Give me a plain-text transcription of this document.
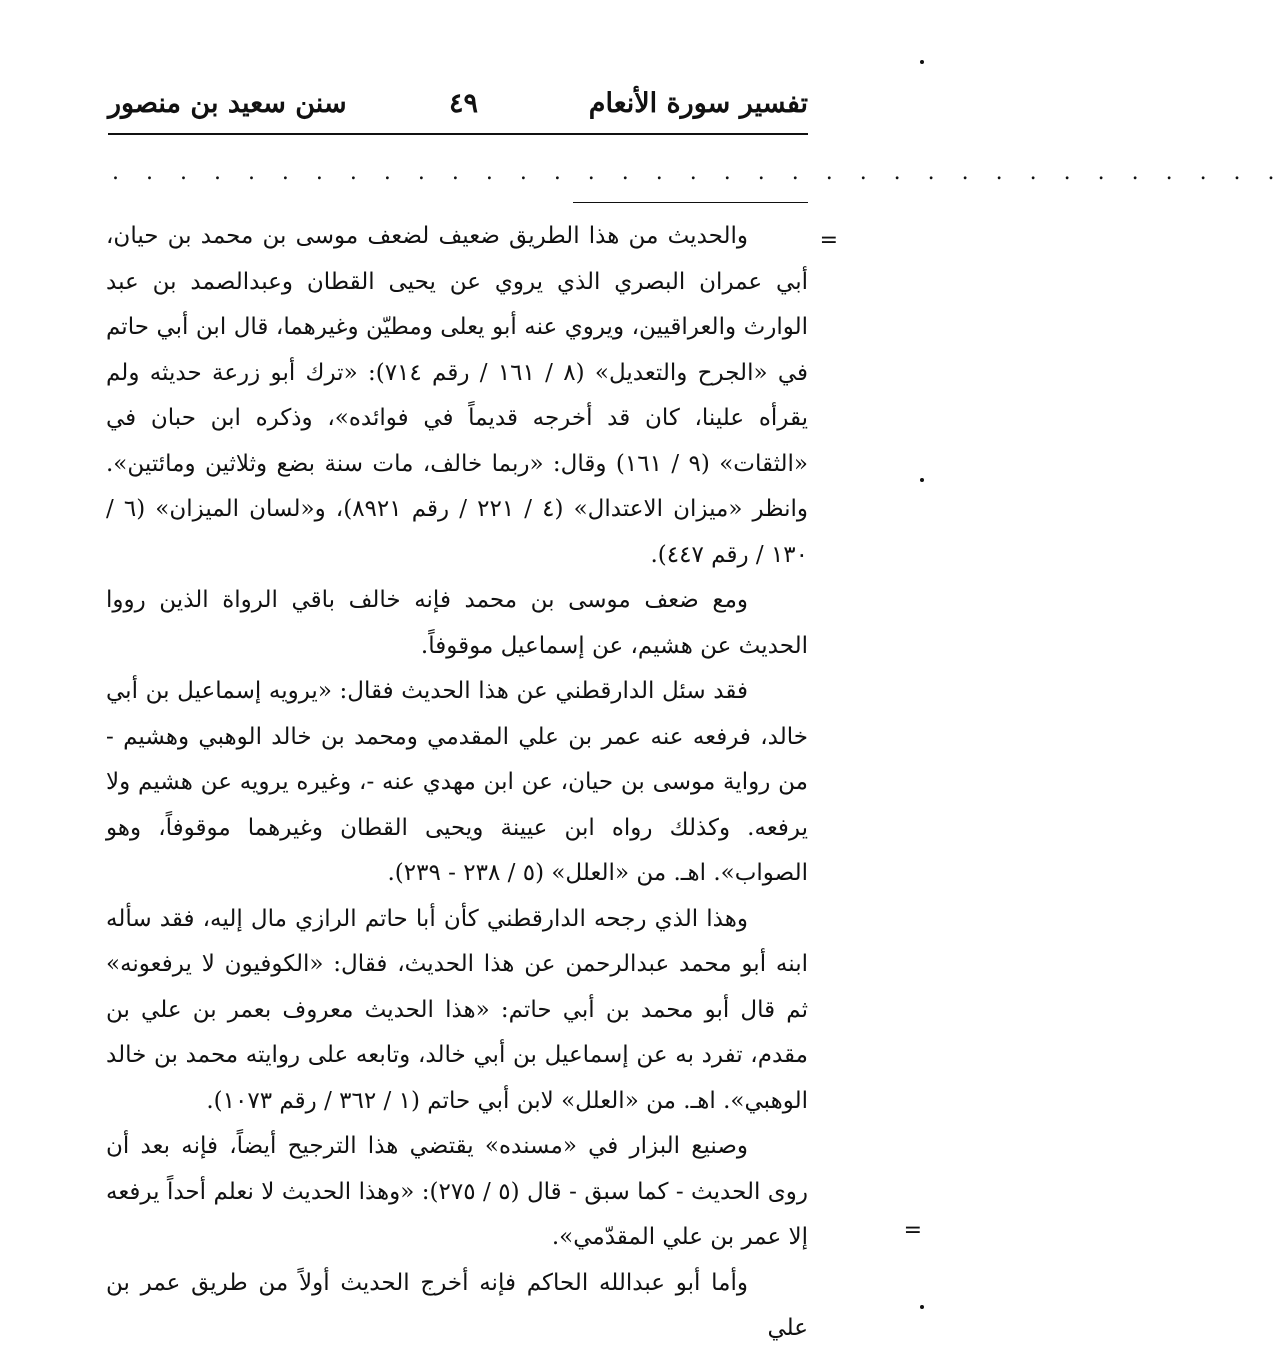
تفسير سورة الأنعام
٤٩
سنن سعيد بن منصور
. . . . . . . . . . . . . . . . . . . . . . . . . . . . . . . . . . .
=
=

والحديث من هذا الطريق ضعيف لضعف موسى بن محمد بن حيان، أبي عمران البصري الذي يروي عن يحيى القطان وعبدالصمد بن عبد الوارث والعراقيين، ويروي عنه أبو يعلى ومطيّن وغيرهما، قال ابن أبي حاتم في «الجرح والتعديل» (٨ / ١٦١ / رقم ٧١٤): «ترك أبو زرعة حديثه ولم يقرأه علينا، كان قد أخرجه قديماً في فوائده»، وذكره ابن حبان في «الثقات» (٩ / ١٦١) وقال: «ربما خالف، مات سنة بضع وثلاثين ومائتين». وانظر «ميزان الاعتدال» (٤ / ٢٢١ / رقم ٨٩٢١)، و«لسان الميزان» (٦ / ١٣٠ / رقم ٤٤٧).

ومع ضعف موسى بن محمد فإنه خالف باقي الرواة الذين رووا الحديث عن هشيم، عن إسماعيل موقوفاً.

فقد سئل الدارقطني عن هذا الحديث فقال: «يرويه إسماعيل بن أبي خالد، فرفعه عنه عمر بن علي المقدمي ومحمد بن خالد الوهبي وهشيم - من رواية موسى بن حيان، عن ابن مهدي عنه -، وغيره يرويه عن هشيم ولا يرفعه. وكذلك رواه ابن عيينة ويحيى القطان وغيرهما موقوفاً، وهو الصواب». اهـ. من «العلل» (٥ / ٢٣٨ - ٢٣٩).

وهذا الذي رجحه الدارقطني كأن أبا حاتم الرازي مال إليه، فقد سأله ابنه أبو محمد عبدالرحمن عن هذا الحديث، فقال: «الكوفيون لا يرفعونه» ثم قال أبو محمد بن أبي حاتم: «هذا الحديث معروف بعمر بن علي بن مقدم، تفرد به عن إسماعيل بن أبي خالد، وتابعه على روايته محمد بن خالد الوهبي». اهـ. من «العلل» لابن أبي حاتم (١ / ٣٦٢ / رقم ١٠٧٣).

وصنيع البزار في «مسنده» يقتضي هذا الترجيح أيضاً، فإنه بعد أن روى الحديث - كما سبق - قال (٥ / ٢٧٥): «وهذا الحديث لا نعلم أحداً يرفعه إلا عمر بن علي المقدّمي».

وأما أبو عبدالله الحاكم فإنه أخرج الحديث أولاً من طريق عمر بن علي
